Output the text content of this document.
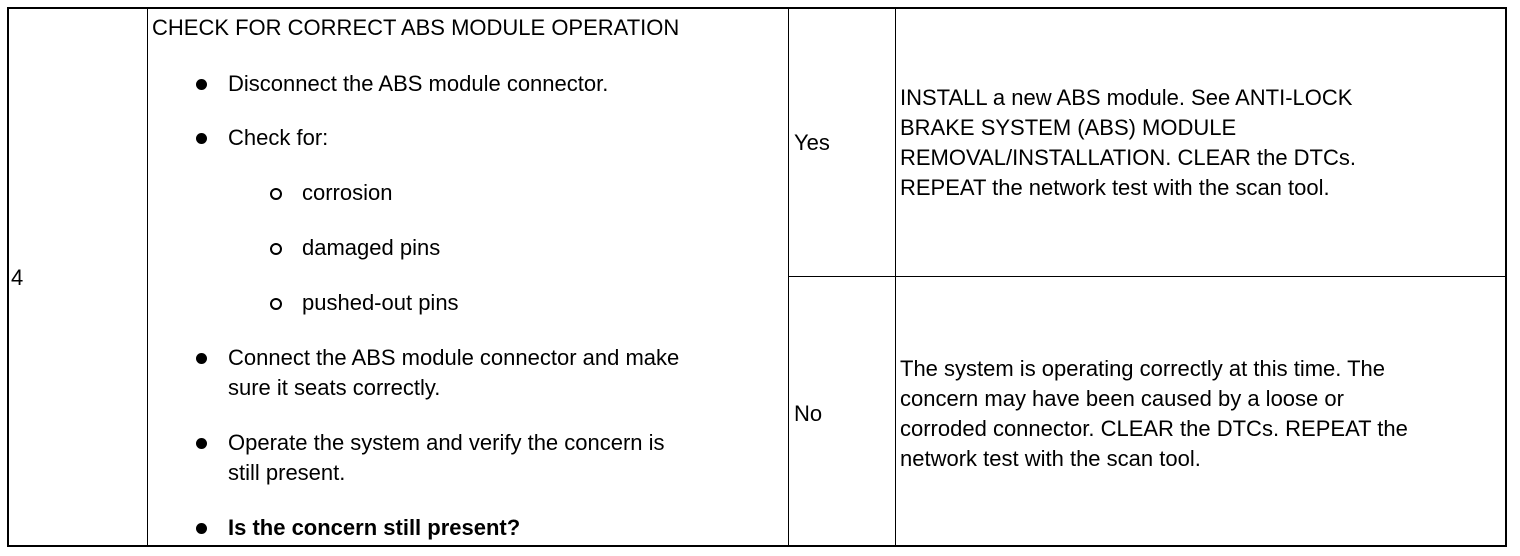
4
CHECK FOR CORRECT ABS MODULE OPERATION
Disconnect the ABS module connector.
Check for:
corrosion
damaged pins
pushed-out pins
Connect the ABS module connector and make
sure it seats correctly.
Operate the system and verify the concern is
still present.
Is the concern still present?
Yes
INSTALL a new ABS module. See ANTI-LOCK
BRAKE SYSTEM (ABS) MODULE
REMOVAL/INSTALLATION. CLEAR the DTCs.
REPEAT the network test with the scan tool.
No
The system is operating correctly at this time. The
concern may have been caused by a loose or
corroded connector. CLEAR the DTCs. REPEAT the
network test with the scan tool.
